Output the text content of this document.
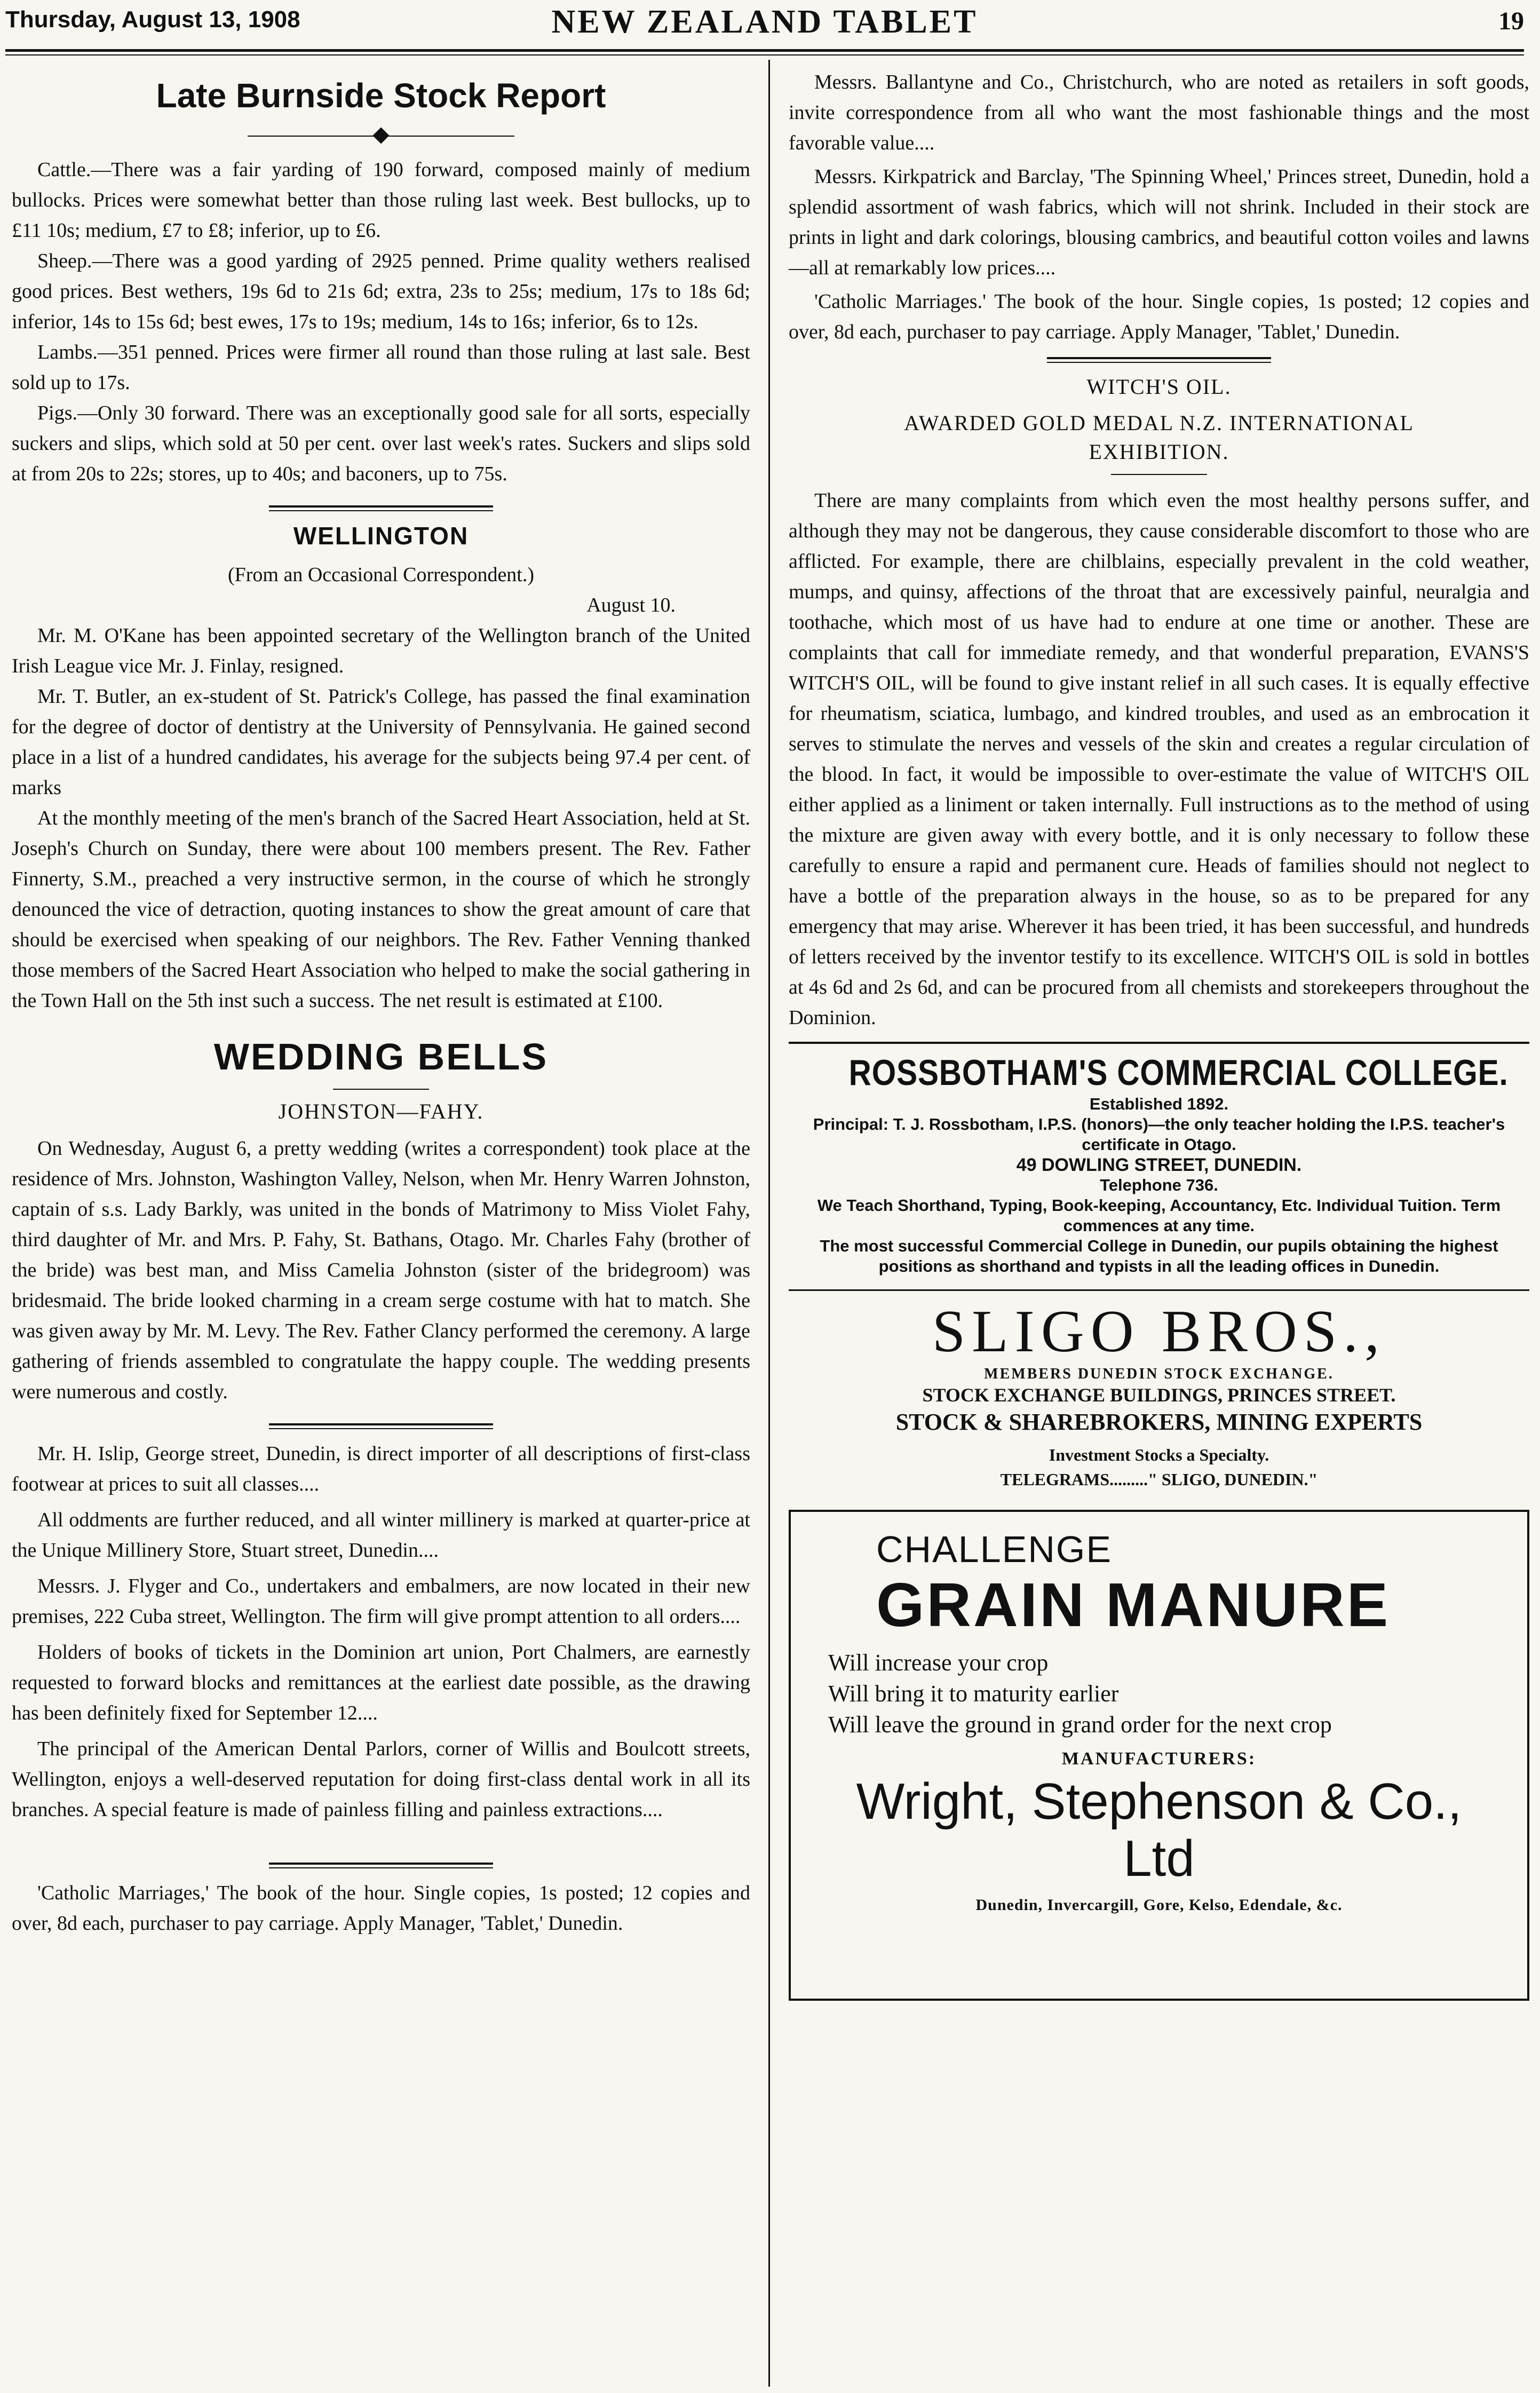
Thursday, August 13, 1908	NEW ZEALAND TABLET	19
Late Burnside Stock Report

Cattle.—There was a fair yarding of 190 forward, composed mainly of medium bullocks. Prices were somewhat better than those ruling last week. Best bullocks, up to £11 10s; medium, £7 to £8; inferior, up to £6.

Sheep.—There was a good yarding of 2925 penned. Prime quality wethers realised good prices. Best wethers, 19s 6d to 21s 6d; extra, 23s to 25s; medium, 17s to 18s 6d; inferior, 14s to 15s 6d; best ewes, 17s to 19s; medium, 14s to 16s; inferior, 6s to 12s.

Lambs.—351 penned. Prices were firmer all round than those ruling at last sale. Best sold up to 17s.

Pigs.—Only 30 forward. There was an exceptionally good sale for all sorts, especially suckers and slips, which sold at 50 per cent. over last week's rates. Suckers and slips sold at from 20s to 22s; stores, up to 40s; and baconers, up to 75s.

WELLINGTON
(From an Occasional Correspondent.)

August 10.

Mr. M. O'Kane has been appointed secretary of the Wellington branch of the United Irish League vice Mr. J. Finlay, resigned.

Mr. T. Butler, an ex-student of St. Patrick's College, has passed the final examination for the degree of doctor of dentistry at the University of Pennsylvania. He gained second place in a list of a hundred candidates, his average for the subjects being 97.4 per cent. of marks

At the monthly meeting of the men's branch of the Sacred Heart Association, held at St. Joseph's Church on Sunday, there were about 100 members present. The Rev. Father Finnerty, S.M., preached a very instructive sermon, in the course of which he strongly denounced the vice of detraction, quoting instances to show the great amount of care that should be exercised when speaking of our neighbors. The Rev. Father Venning thanked those members of the Sacred Heart Association who helped to make the social gathering in the Town Hall on the 5th inst such a success. The net result is estimated at £100.

WEDDING BELLS
JOHNSTON—FAHY.

On Wednesday, August 6, a pretty wedding (writes a correspondent) took place at the residence of Mrs. Johnston, Washington Valley, Nelson, when Mr. Henry Warren Johnston, captain of s.s. Lady Barkly, was united in the bonds of Matrimony to Miss Violet Fahy, third daughter of Mr. and Mrs. P. Fahy, St. Bathans, Otago. Mr. Charles Fahy (brother of the bride) was best man, and Miss Camelia Johnston (sister of the bridegroom) was bridesmaid. The bride looked charming in a cream serge costume with hat to match. She was given away by Mr. M. Levy. The Rev. Father Clancy performed the ceremony. A large gathering of friends assembled to congratulate the happy couple. The wedding presents were numerous and costly.

Mr. H. Islip, George street, Dunedin, is direct importer of all descriptions of first-class footwear at prices to suit all classes....

All oddments are further reduced, and all winter millinery is marked at quarter-price at the Unique Millinery Store, Stuart street, Dunedin....

Messrs. J. Flyger and Co., undertakers and embalmers, are now located in their new premises, 222 Cuba street, Wellington. The firm will give prompt attention to all orders....

Holders of books of tickets in the Dominion art union, Port Chalmers, are earnestly requested to forward blocks and remittances at the earliest date possible, as the drawing has been definitely fixed for September 12....

The principal of the American Dental Parlors, corner of Willis and Boulcott streets, Wellington, enjoys a well-deserved reputation for doing first-class dental work in all its branches. A special feature is made of painless filling and painless extractions....

'Catholic Marriages,' The book of the hour. Single copies, 1s posted; 12 copies and over, 8d each, purchaser to pay carriage. Apply Manager, 'Tablet,' Dunedin.

Messrs. Ballantyne and Co., Christchurch, who are noted as retailers in soft goods, invite correspondence from all who want the most fashionable things and the most favorable value....

Messrs. Kirkpatrick and Barclay, 'The Spinning Wheel,' Princes street, Dunedin, hold a splendid assortment of wash fabrics, which will not shrink. Included in their stock are prints in light and dark colorings, blousing cambrics, and beautiful cotton voiles and lawns—all at remarkably low prices....

'Catholic Marriages.' The book of the hour. Single copies, 1s posted; 12 copies and over, 8d each, purchaser to pay carriage. Apply Manager, 'Tablet,' Dunedin.

WITCH'S OIL.
AWARDED GOLD MEDAL N.Z. INTERNATIONAL EXHIBITION.

There are many complaints from which even the most healthy persons suffer, and although they may not be dangerous, they cause considerable discomfort to those who are afflicted. For example, there are chilblains, especially prevalent in the cold weather, mumps, and quinsy, affections of the throat that are excessively painful, neuralgia and toothache, which most of us have had to endure at one time or another. These are complaints that call for immediate remedy, and that wonderful preparation, EVANS'S WITCH'S OIL, will be found to give instant relief in all such cases. It is equally effective for rheumatism, sciatica, lumbago, and kindred troubles, and used as an embrocation it serves to stimulate the nerves and vessels of the skin and creates a regular circulation of the blood. In fact, it would be impossible to over-estimate the value of WITCH'S OIL either applied as a liniment or taken internally. Full instructions as to the method of using the mixture are given away with every bottle, and it is only necessary to follow these carefully to ensure a rapid and permanent cure. Heads of families should not neglect to have a bottle of the preparation always in the house, so as to be prepared for any emergency that may arise. Wherever it has been tried, it has been successful, and hundreds of letters received by the inventor testify to its excellence. WITCH'S OIL is sold in bottles at 4s 6d and 2s 6d, and can be procured from all chemists and storekeepers throughout the Dominion.

ROSSBOTHAM'S COMMERCIAL COLLEGE.
Established 1892.
Principal: T. J. Rossbotham, I.P.S. (honors)—the only teacher holding the I.P.S. teacher's certificate in Otago.
49 DOWLING STREET, DUNEDIN.
Telephone 736.
We Teach Shorthand, Typing, Book-keeping, Accountancy, Etc. Individual Tuition. Term commences at any time.
The most successful Commercial College in Dunedin, our pupils obtaining the highest positions as shorthand and typists in all the leading offices in Dunedin.
SLIGO BROS.,
MEMBERS DUNEDIN STOCK EXCHANGE.
STOCK EXCHANGE BUILDINGS, PRINCES STREET.
STOCK & SHAREBROKERS, MINING EXPERTS
Investment Stocks a Specialty.
TELEGRAMS........." SLIGO, DUNEDIN."
CHALLENGE
GRAIN MANURE
Will increase your crop
Will bring it to maturity earlier
Will leave the ground in grand order for the next crop
MANUFACTURERS:
Wright, Stephenson & Co.,
Ltd
Dunedin, Invercargill, Gore, Kelso, Edendale, &c.
